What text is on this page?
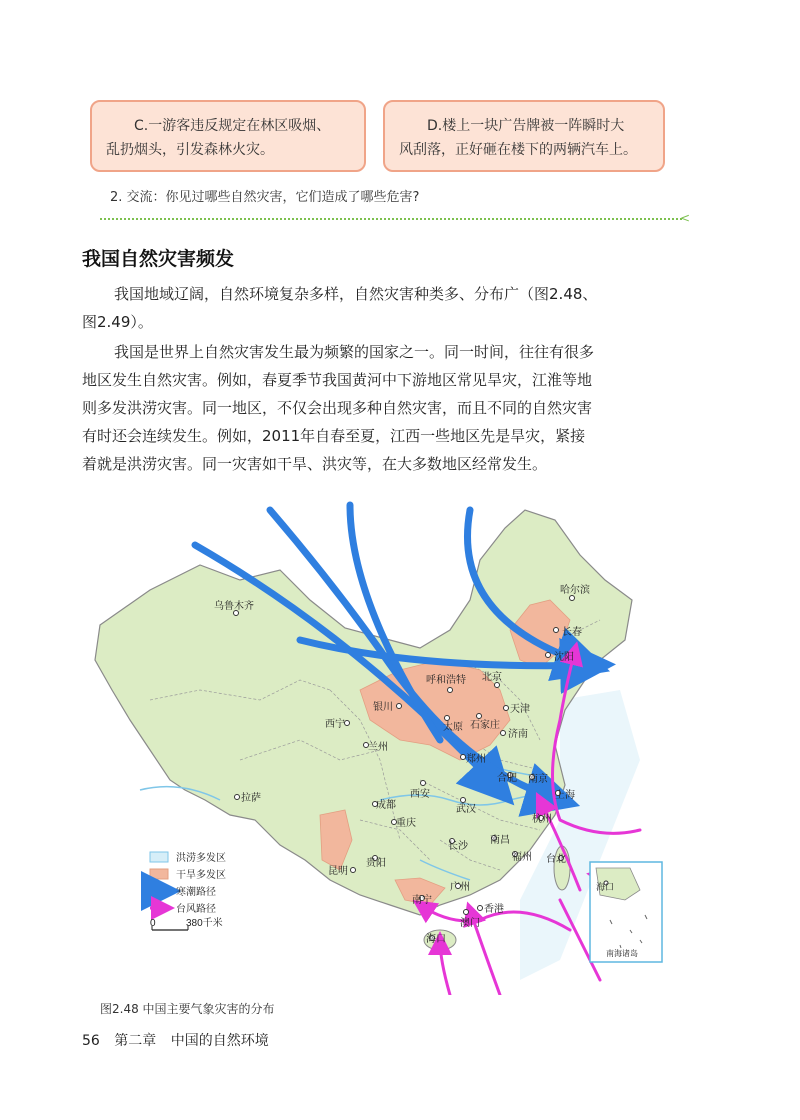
C.一游客违反规定在林区吸烟、
乱扔烟头，引发森林火灾。
D.楼上一块广告牌被一阵瞬时大
风刮落，正好砸在楼下的两辆汽车上。
2. 交流：你见过哪些自然灾害，它们造成了哪些危害?
<
我国自然灾害频发
我国地域辽阔，自然环境复杂多样，自然灾害种类多、分布广（图2.48、
图2.49）。
我国是世界上自然灾害发生最为频繁的国家之一。同一时间，往往有很多
地区发生自然灾害。例如，春夏季节我国黄河中下游地区常见旱灾，江淮等地
则多发洪涝灾害。同一地区，不仅会出现多种自然灾害，而且不同的自然灾害
有时还会连续发生。例如，2011年自春至夏，江西一些地区先是旱灾，紧接
着就是洪涝灾害。同一灾害如干旱、洪灾等，在大多数地区经常发生。
乌鲁木齐
哈尔滨
长春
沈阳
呼和浩特 北京
天津
银川
太原 石家庄
济南
西宁
兰州
郑州
西安
合肥 南京
上海
拉萨
成都	武汉
杭州
重庆
长沙
南昌
福州
贵阳
昆明
台北
南宁
广州
香港
澳门
海口
海口
南海诸岛
洪涝多发区
干旱多发区
寒潮路径
台风路径
0	380千米
图2.48 中国主要气象灾害的分布
56 第二章 中国的自然环境
